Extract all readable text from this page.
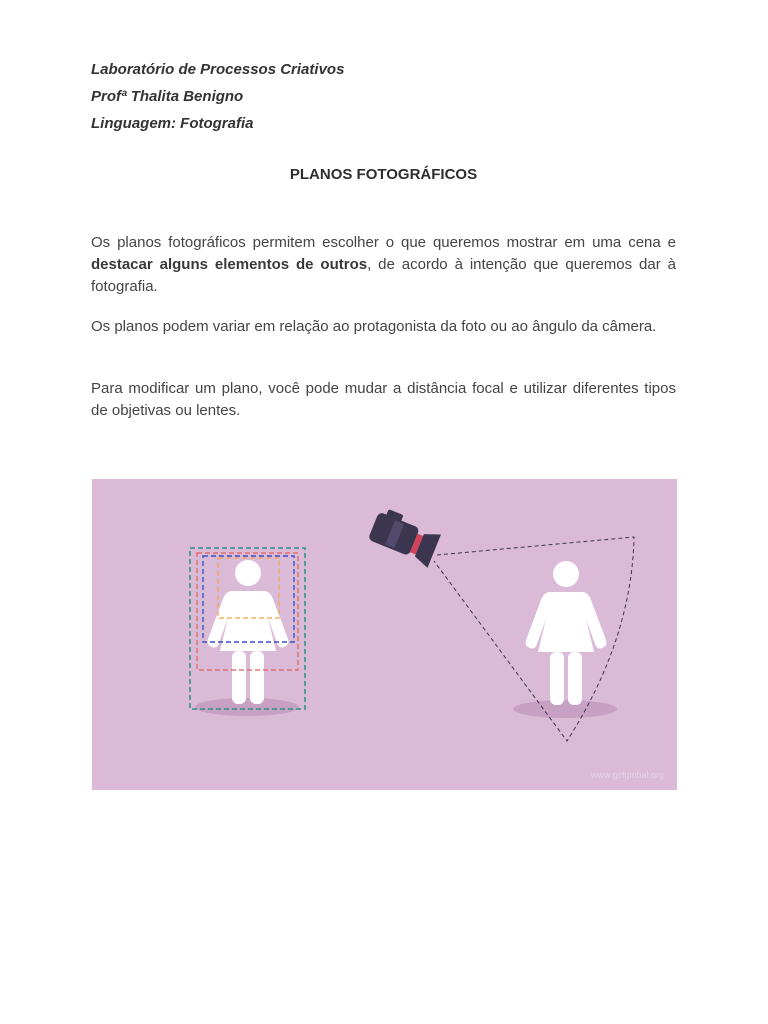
Laboratório de Processos Criativos
Profª Thalita Benigno
Linguagem: Fotografia
PLANOS FOTOGRÁFICOS

Os planos fotográficos permitem escolher o que queremos mostrar em uma cena e destacar alguns elementos de outros, de acordo à intenção que queremos dar à fotografia.

Os planos podem variar em relação ao protagonista da foto ou ao ângulo da câmera.

Para modificar um plano, você pode mudar a distância focal e utilizar diferentes tipos de objetivas ou lentes.

www.gcfglobal.org
